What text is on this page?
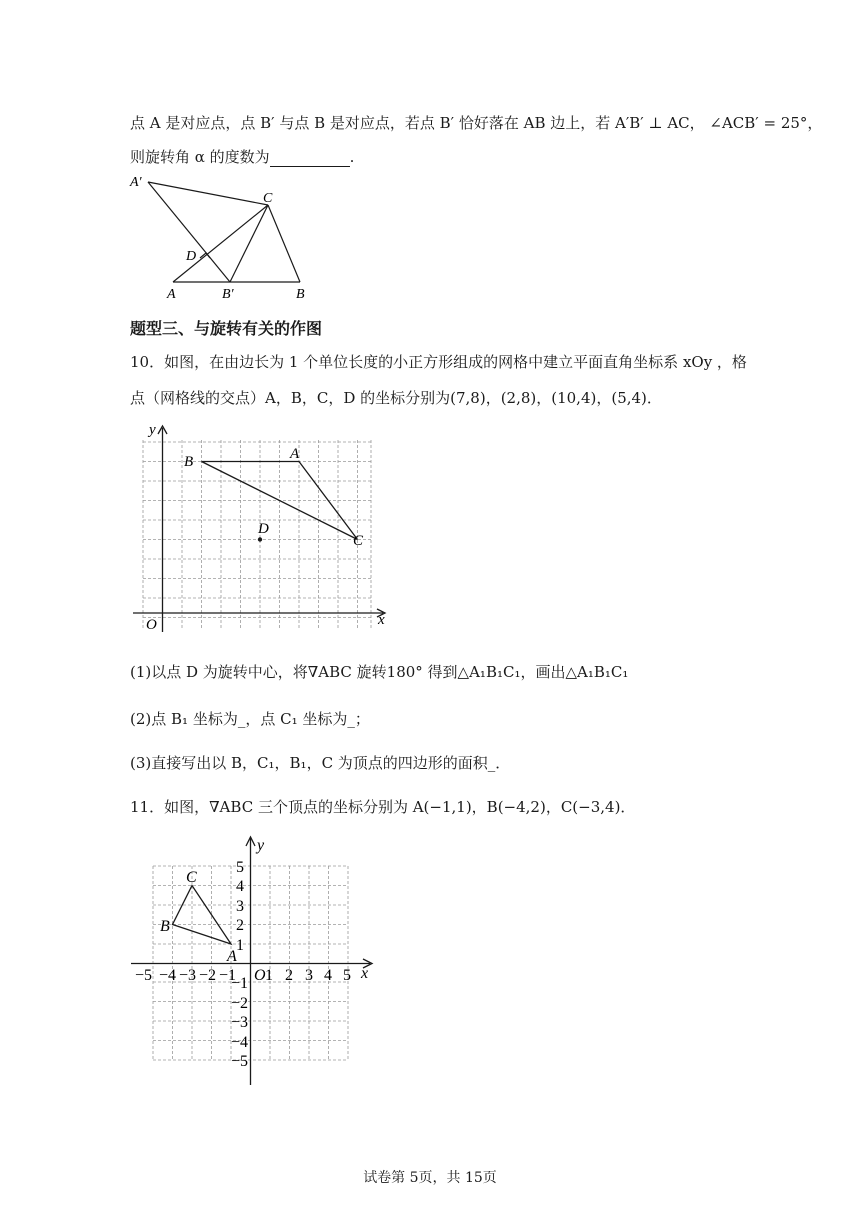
点 A 是对应点，点 B′ 与点 B 是对应点，若点 B′ 恰好落在 AB 边上，若 A′B′ ⊥ AC， ∠ACB′ = 25°，
则旋转角 α 的度数为	.
A′
C
D
A	B′	B
题型三、与旋转有关的作图
10．如图，在由边长为 1 个单位长度的小正方形组成的网格中建立平面直角坐标系 xOy ，格
点（网格线的交点）A，B，C，D 的坐标分别为(7,8)，(2,8)，(10,4)，(5,4)．
y
x
O
B	A
C
D
(1)以点 D 为旋转中心，将∇ABC 旋转180° 得到△A₁B₁C₁，画出△A₁B₁C₁
(2)点 B₁ 坐标为_，点 C₁ 坐标为_；
(3)直接写出以 B，C₁，B₁，C 为顶点的四边形的面积_．
11．如图，∇ABC 三个顶点的坐标分别为 A(−1,1)，B(−4,2)，C(−3,4)．
y
x
O
C
B
A
−5 −4 −3 −2 −1 1 2 3 4 5
5
4
3
2
1
−1
−2
−3
−4
−5
试卷第 5页，共 15页
